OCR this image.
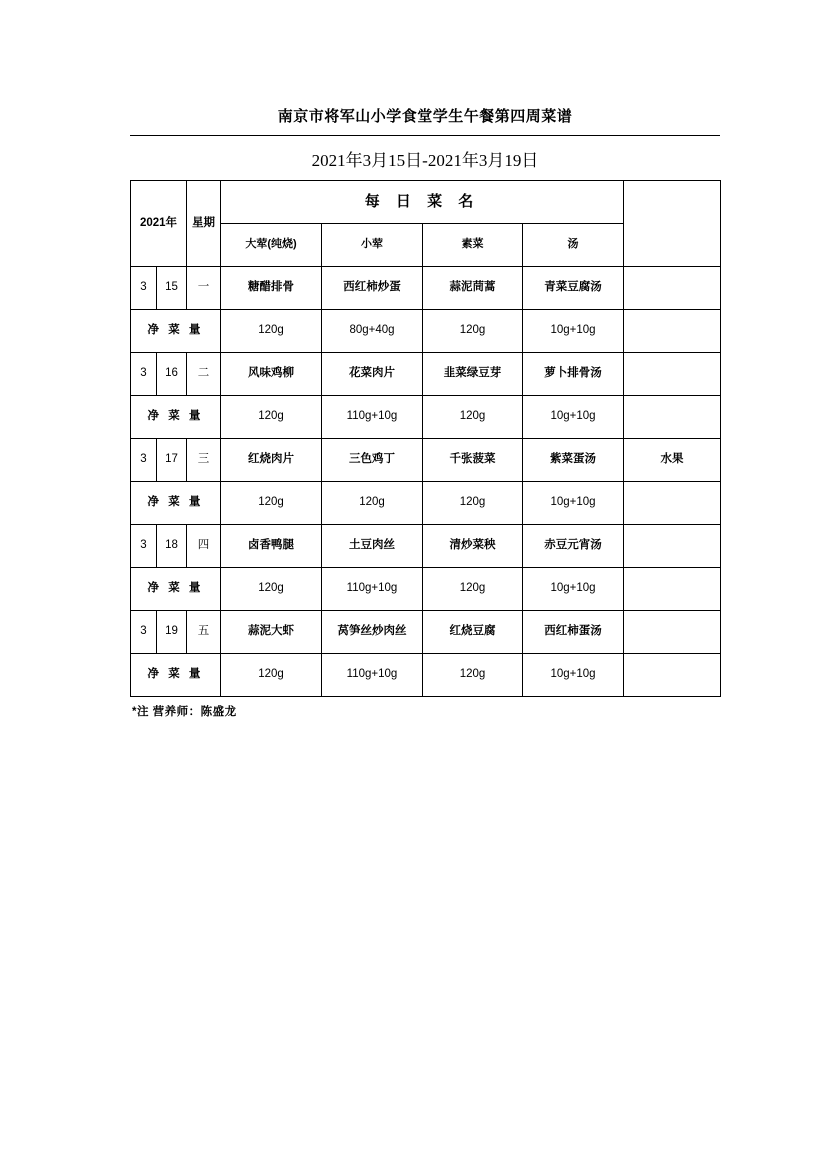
南京市将军山小学食堂学生午餐第四周菜谱
2021年3月15日-2021年3月19日
2021年		星期	每 日 菜 名				
			大荤(纯烧)	小荤	素菜	汤	
3	15	一	糖醋排骨	西红柿炒蛋	蒜泥茼蒿	青菜豆腐汤	
净 菜 量			120g	80g+40g	120g	10g+10g	
3	16	二	风味鸡柳	花菜肉片	韭菜绿豆芽	萝卜排骨汤	
净 菜 量			120g	110g+10g	120g	10g+10g	
3	17	三	红烧肉片	三色鸡丁	千张菠菜	紫菜蛋汤	水果
净 菜 量			120g	120g	120g	10g+10g	
3	18	四	卤香鸭腿	土豆肉丝	清炒菜秧	赤豆元宵汤	
净 菜 量			120g	110g+10g	120g	10g+10g	
3	19	五	蒜泥大虾	莴笋丝炒肉丝	红烧豆腐	西红柿蛋汤	
净 菜 量			120g	110g+10g	120g	10g+10g	
*注 营养师：陈盛龙
